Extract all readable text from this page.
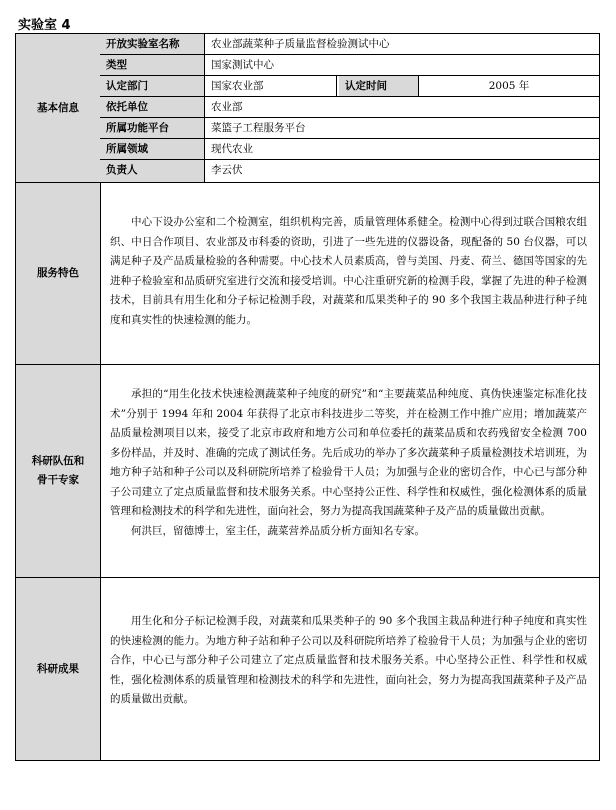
实验室 4
基本信息
开放实验室名称	农业部蔬菜种子质量监督检验测试中心
类型	国家测试中心
认定部门	国家农业部	认定时间	2005 年
依托单位	农业部
所属功能平台	菜篮子工程服务平台
所属领域	现代农业
负责人	李云伏
服务特色

中心下设办公室和二个检测室，组织机构完善，质量管理体系健全。检测中心得到过联合国粮农组织、中日合作项目、农业部及市科委的资助，引进了一些先进的仪器设备，现配备的 50 台仪器，可以满足种子及产品质量检验的各种需要。中心技术人员素质高，曾与美国、丹麦、荷兰、德国等国家的先进种子检验室和品质研究室进行交流和接受培训。中心注重研究新的检测手段，掌握了先进的种子检测技术，目前具有用生化和分子标记检测手段，对蔬菜和瓜果类种子的 90 多个我国主栽品种进行种子纯度和真实性的快速检测的能力。

科研队伍和
骨干专家

承担的“用生化技术快速检测蔬菜种子纯度的研究”和“主要蔬菜品种纯度、真伪快速鉴定标准化技术”分别于 1994 年和 2004 年获得了北京市科技进步二等奖，并在检测工作中推广应用；增加蔬菜产品质量检测项目以来，接受了北京市政府和地方公司和单位委托的蔬菜品质和农药残留安全检测 700 多份样品，并及时、准确的完成了测试任务。先后成功的举办了多次蔬菜种子质量检测技术培训班，为地方种子站和种子公司以及科研院所培养了检验骨干人员；为加强与企业的密切合作，中心已与部分种子公司建立了定点质量监督和技术服务关系。中心坚持公正性、科学性和权威性，强化检测体系的质量管理和检测技术的科学和先进性，面向社会，努力为提高我国蔬菜种子及产品的质量做出贡献。

何洪巨，留德博士，室主任，蔬菜营养品质分析方面知名专家。

科研成果

用生化和分子标记检测手段，对蔬菜和瓜果类种子的 90 多个我国主栽品种进行种子纯度和真实性的快速检测的能力。为地方种子站和种子公司以及科研院所培养了检验骨干人员；为加强与企业的密切合作，中心已与部分种子公司建立了定点质量监督和技术服务关系。中心坚持公正性、科学性和权威性，强化检测体系的质量管理和检测技术的科学和先进性，面向社会，努力为提高我国蔬菜种子及产品的质量做出贡献。
